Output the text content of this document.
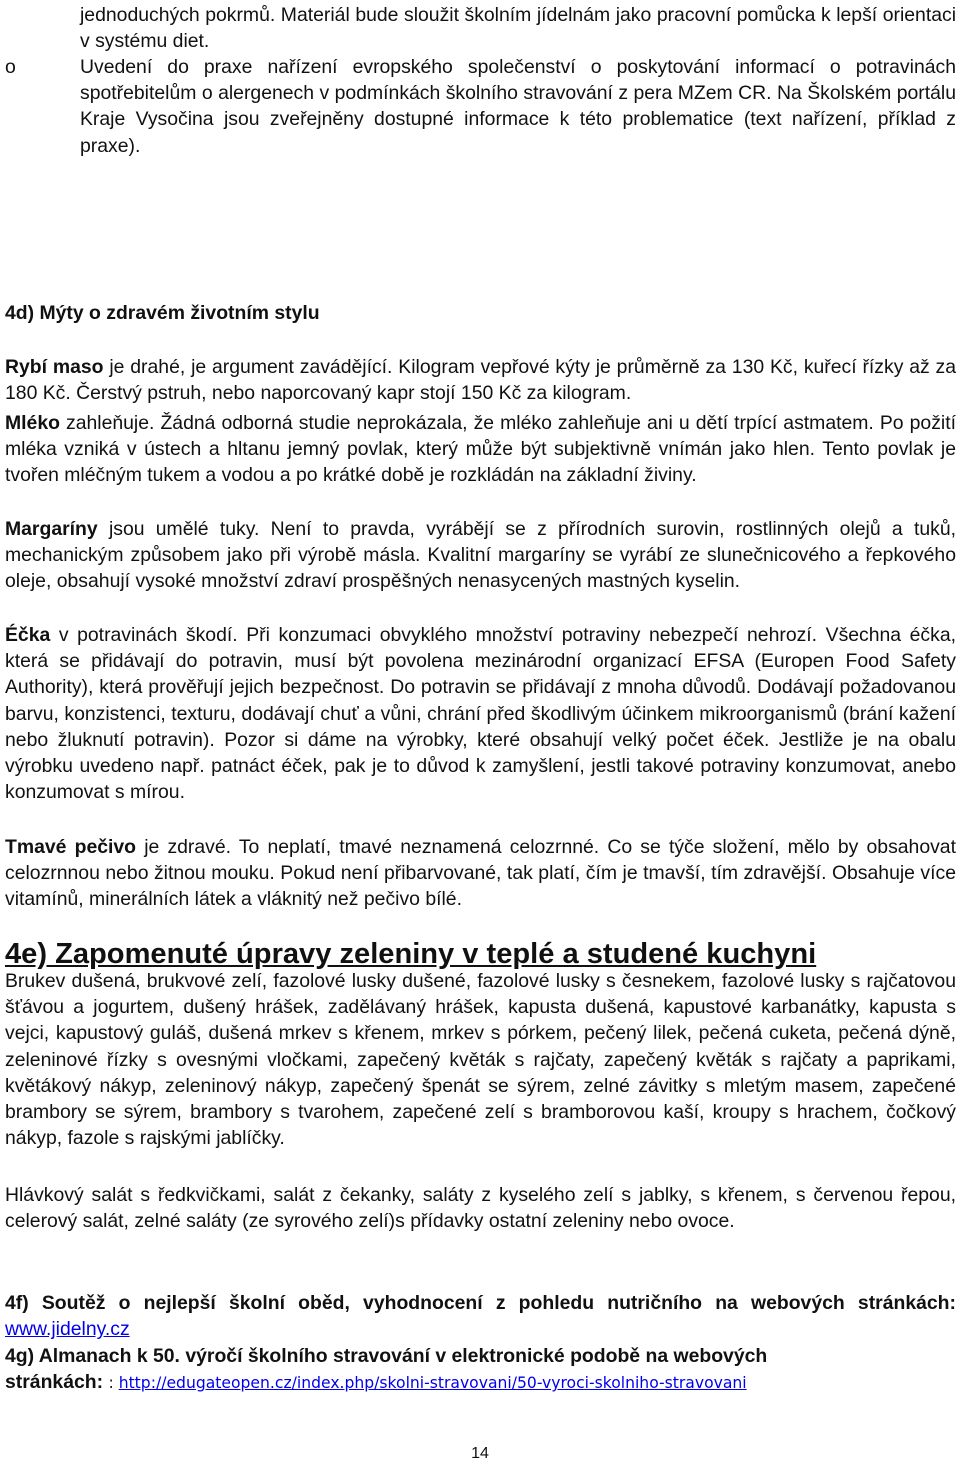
jednoduchých pokrmů. Materiál bude sloužit školním jídelnám jako pracovní pomůcka k lepší orientaci v systému diet.

o	Uvedení do praxe nařízení evropského společenství o poskytování informací o potravinách spotřebitelům o alergenech v podmínkách školního stravování z pera MZem CR. Na Školském portálu Kraje Vysočina jsou zveřejněny dostupné informace k této problematice (text nařízení, příklad z praxe).

4d) Mýty o zdravém životním stylu

Rybí maso je drahé, je argument zavádějící. Kilogram vepřové kýty je průměrně za 130 Kč, kuřecí řízky až za 180 Kč. Čerstvý pstruh, nebo naporcovaný kapr stojí 150 Kč za kilogram.

Mléko zahleňuje. Žádná odborná studie neprokázala, že mléko zahleňuje ani u dětí trpící astmatem. Po požití mléka vzniká v ústech a hltanu jemný povlak, který může být subjektivně vnímán jako hlen. Tento povlak je tvořen mléčným tukem a vodou a po krátké době je rozkládán na základní živiny.

Margaríny jsou umělé tuky. Není to pravda, vyrábějí se z přírodních surovin, rostlinných olejů a tuků, mechanickým způsobem jako při výrobě másla. Kvalitní margaríny se vyrábí ze slunečnicového a řepkového oleje, obsahují vysoké množství zdraví prospěšných nenasycených mastných kyselin.

Éčka v potravinách škodí. Při konzumaci obvyklého množství potraviny nebezpečí nehrozí. Všechna éčka, která se přidávají do potravin, musí být povolena mezinárodní organizací EFSA (Europen Food Safety Authority), která prověřují jejich bezpečnost. Do potravin se přidávají z mnoha důvodů. Dodávají požadovanou barvu, konzistenci, texturu, dodávají chuť a vůni, chrání před škodlivým účinkem mikroorganismů (brání kažení nebo žluknutí potravin). Pozor si dáme na výrobky, které obsahují velký počet éček. Jestliže je na obalu výrobku uvedeno např. patnáct éček, pak je to důvod k zamyšlení, jestli takové potraviny konzumovat, anebo konzumovat s mírou.

Tmavé pečivo je zdravé. To neplatí, tmavé neznamená celozrnné. Co se týče složení, mělo by obsahovat celozrnnou nebo žitnou mouku. Pokud není přibarvované, tak platí, čím je tmavší, tím zdravější. Obsahuje více vitamínů, minerálních látek a vláknitý než pečivo bílé.

4e) Zapomenuté úpravy zeleniny v teplé a studené kuchyni

Brukev dušená, brukvové zelí, fazolové lusky dušené, fazolové lusky s česnekem, fazolové lusky s rajčatovou šťávou a jogurtem, dušený hrášek, zadělávaný hrášek, kapusta dušená, kapustové karbanátky, kapusta s vejci, kapustový guláš, dušená mrkev s křenem, mrkev s pórkem, pečený lilek, pečená cuketa, pečená dýně, zeleninové řízky s ovesnými vločkami, zapečený květák s rajčaty, zapečený květák s rajčaty a paprikami, květákový nákyp, zeleninový nákyp, zapečený špenát se sýrem, zelné závitky s mletým masem, zapečené brambory se sýrem, brambory s tvarohem, zapečené zelí s bramborovou kaší, kroupy s hrachem, čočkový nákyp, fazole s rajskými jablíčky.

Hlávkový salát s ředkvičkami, salát z čekanky, saláty z kyselého zelí s jablky, s křenem, s červenou řepou, celerový salát, zelné saláty (ze syrového zelí)s přídavky ostatní zeleniny nebo ovoce.

4f) Soutěž o nejlepší školní oběd, vyhodnocení z pohledu nutričního na webových stránkách: www.jidelny.cz

4g) Almanach k 50. výročí školního stravování v elektronické podobě na webových
stránkách: : http://edugateopen.cz/index.php/skolni-stravovani/50-vyroci-skolniho-stravovani

14
